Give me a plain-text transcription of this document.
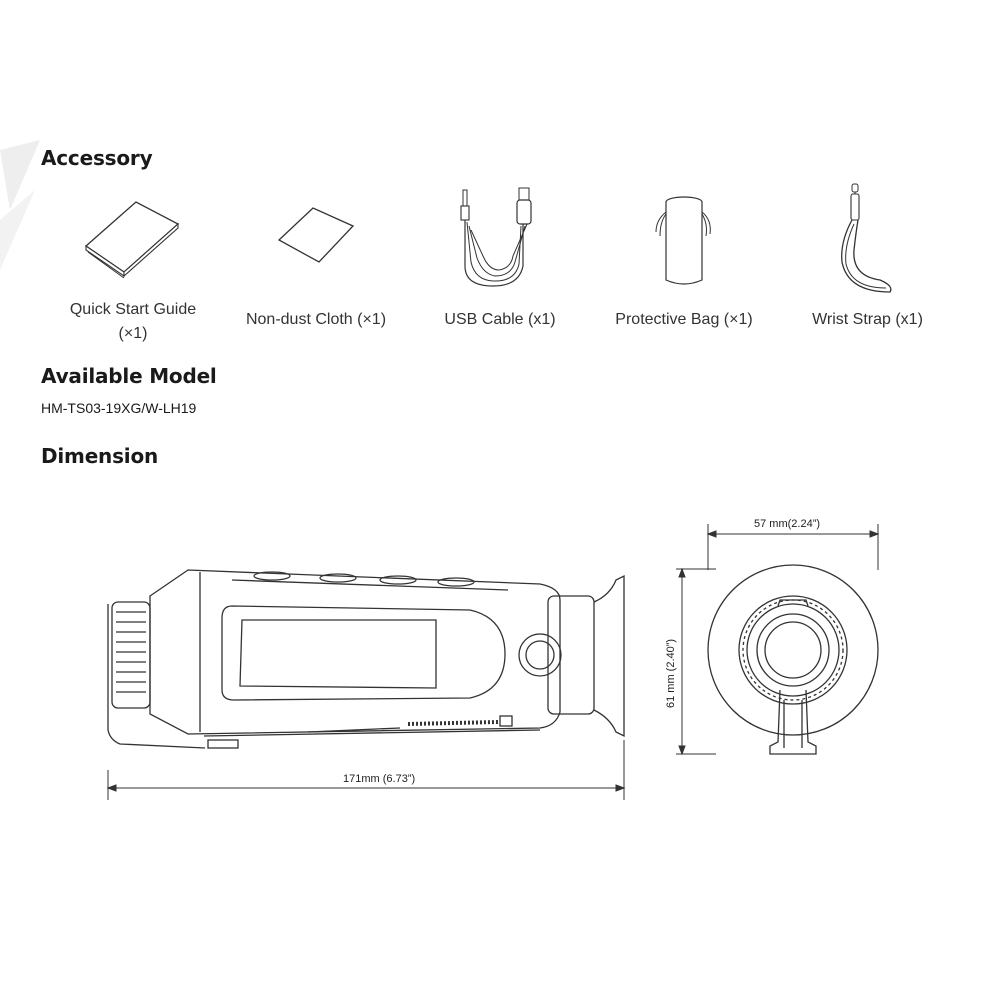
Accessory
Quick Start Guide
(×1)
Non-dust Cloth (×1)	USB Cable (x1)	Protective Bag (×1)	Wrist Strap (x1)
Available Model
HM-TS03-19XG/W-LH19
Dimension
171mm (6.73”)
57 mm(2.24”)
61 mm (2.40”)
